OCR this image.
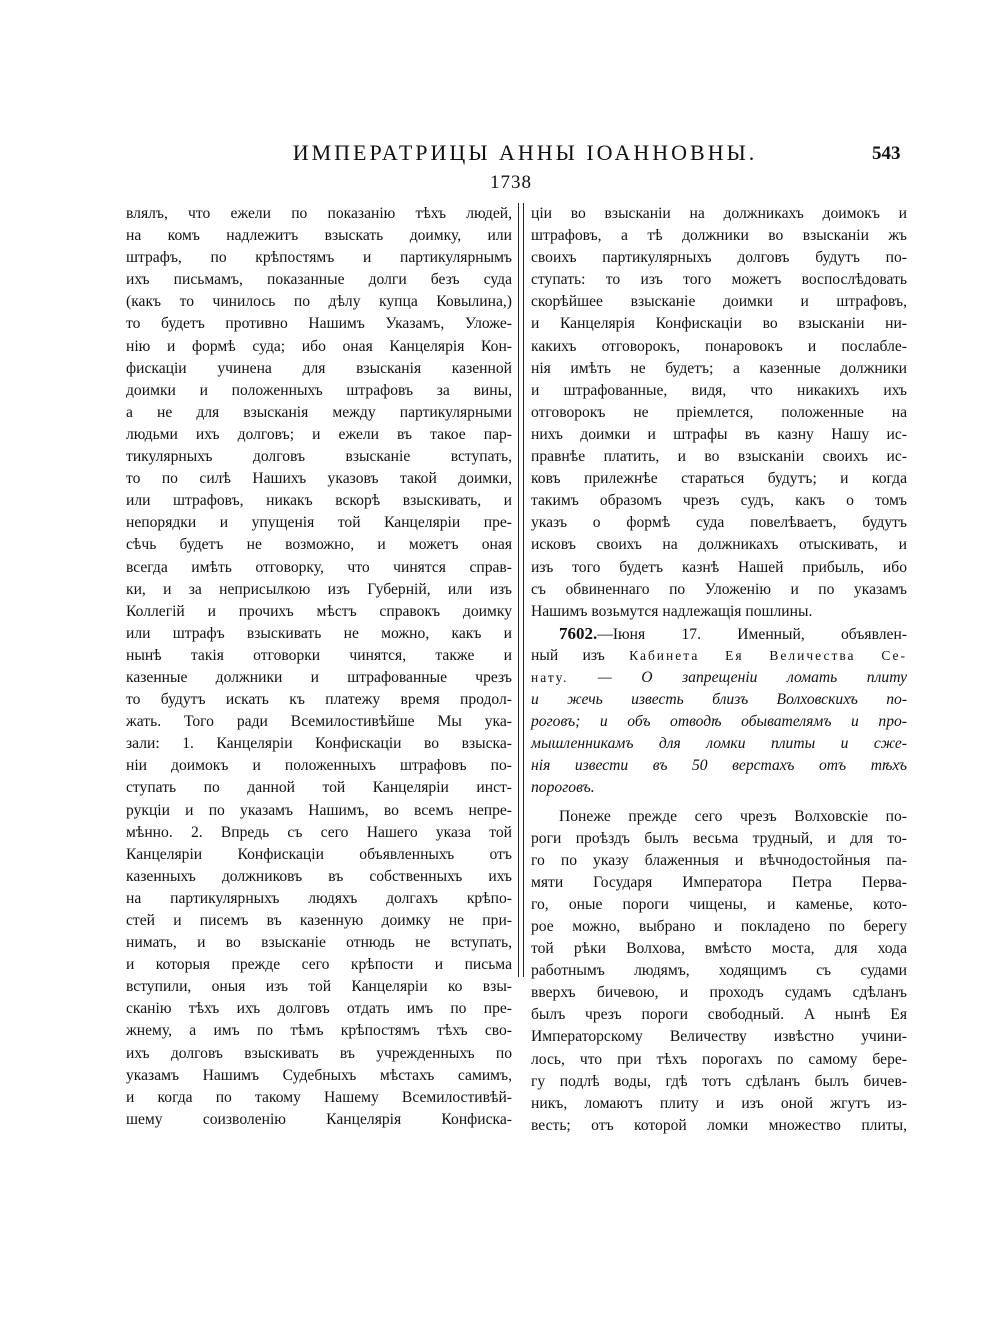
ИМПЕРАТРИЦЫ АННЫ ІОАННОВНЫ.	543
1738
влялъ, что ежели по показанію тѣхъ людей,
на комъ надлежитъ взыскать доимку, или
штрафъ, по крѣпостямъ и партикулярнымъ
ихъ письмамъ, показанные долги безъ суда
(какъ то чинилось по дѣлу купца Ковылина,)
то будетъ противно Нашимъ Указамъ, Уложе-
нію и формѣ суда; ибо оная Канцелярія Кон-
фискаціи учинена для взысканія казенной
доимки и положенныхъ штрафовъ за вины,
а не для взысканія между партикулярными
людьми ихъ долговъ; и ежели въ такое пар-
тикулярныхъ долговъ взысканіе вступать,
то по силѣ Нашихъ указовъ такой доимки,
или штрафовъ, никакъ вскорѣ взыскивать, и
непорядки и упущенія той Канцеляріи пре-
сѣчь будетъ не возможно, и можетъ оная
всегда имѣть отговорку, что чинятся справ-
ки, и за неприсылкою изъ Губерній, или изъ
Коллегій и прочихъ мѣстъ справокъ доимку
или штрафъ взыскивать не можно, какъ и
нынѣ такія отговорки чинятся, также и
казенные должники и штрафованные чрезъ
то будутъ искать къ платежу время продол-
жать. Того ради Всемилостивѣйше Мы ука-
зали: 1. Канцеляріи Конфискаціи во взыска-
ніи доимокъ и положенныхъ штрафовъ по-
ступать по данной той Канцеляріи инст-
рукціи и по указамъ Нашимъ, во всемъ непре-
мѣнно. 2. Впредь съ сего Нашего указа той
Канцеляріи Конфискаціи объявленныхъ отъ
казенныхъ должниковъ въ собственныхъ ихъ
на партикулярныхъ людяхъ долгахъ крѣпо-
стей и писемъ въ казенную доимку не при-
нимать, и во взысканіе отнюдь не вступать,
и которыя прежде сего крѣпости и письма
вступили, оныя изъ той Канцеляріи ко взы-
сканію тѣхъ ихъ долговъ отдать имъ по пре-
жнему, а имъ по тѣмъ крѣпостямъ тѣхъ сво-
ихъ долговъ взыскивать въ учрежденныхъ по
указамъ Нашимъ Судебныхъ мѣстахъ самимъ,
и когда по такому Нашему Всемилостивѣй-
шему соизволенію Канцелярія Конфиска-
ціи во взысканіи на должникахъ доимокъ и
штрафовъ, а тѣ должники во взысканіи жъ
своихъ партикулярныхъ долговъ будутъ по-
ступать: то изъ того можетъ воспослѣдовать
скорѣйшее взысканіе доимки и штрафовъ,
и Канцелярія Конфискаціи во взысканіи ни-
какихъ отговорокъ, понаровокъ и послабле-
нія имѣть не будетъ; а казенные должники
и штрафованные, видя, что никакихъ ихъ
отговорокъ не пріемлется, положенные на
нихъ доимки и штрафы въ казну Нашу ис-
правнѣе платить, и во взысканіи своихъ ис-
ковъ прилежнѣе стараться будутъ; и когда
такимъ образомъ чрезъ судъ, какъ о томъ
указъ о формѣ суда повелѣваетъ, будутъ
исковъ своихъ на должникахъ отыскивать, и
изъ того будетъ казнѣ Нашей прибыль, ибо
съ обвиненнаго по Уложенію и по указамъ
Нашимъ возьмутся надлежащія пошлины.
7602.—Іюня 17. Именный, объявлен-
ный изъ Кабинета Ея Величества Се-
нату. — О запрещеніи ломать плиту
и жечь известь близъ Волховскихъ по-
роговъ; и объ отводѣ обывателямъ и про-
мышленникамъ для ломки плиты и сже-
нія извести въ 50 верстахъ отъ тѣхъ
пороговъ.
Понеже прежде сего чрезъ Волховскіе по-
роги проѣздъ былъ весьма трудный, и для то-
го по указу блаженныя и вѣчнодостойныя па-
мяти Государя Императора Петра Перва-
го, оные пороги чищены, и каменье, кото-
рое можно, выбрано и покладено по берегу
той рѣки Волхова, вмѣсто моста, для хода
работнымъ людямъ, ходящимъ съ судами
вверхъ бичевою, и проходъ судамъ сдѣланъ
былъ чрезъ пороги свободный. А нынѣ Ея
Императорскому Величеству извѣстно учини-
лось, что при тѣхъ порогахъ по самому бере-
гу подлѣ воды, гдѣ тотъ сдѣланъ былъ бичев-
никъ, ломаютъ плиту и изъ оной жгутъ из-
весть; отъ которой ломки множество плиты,
